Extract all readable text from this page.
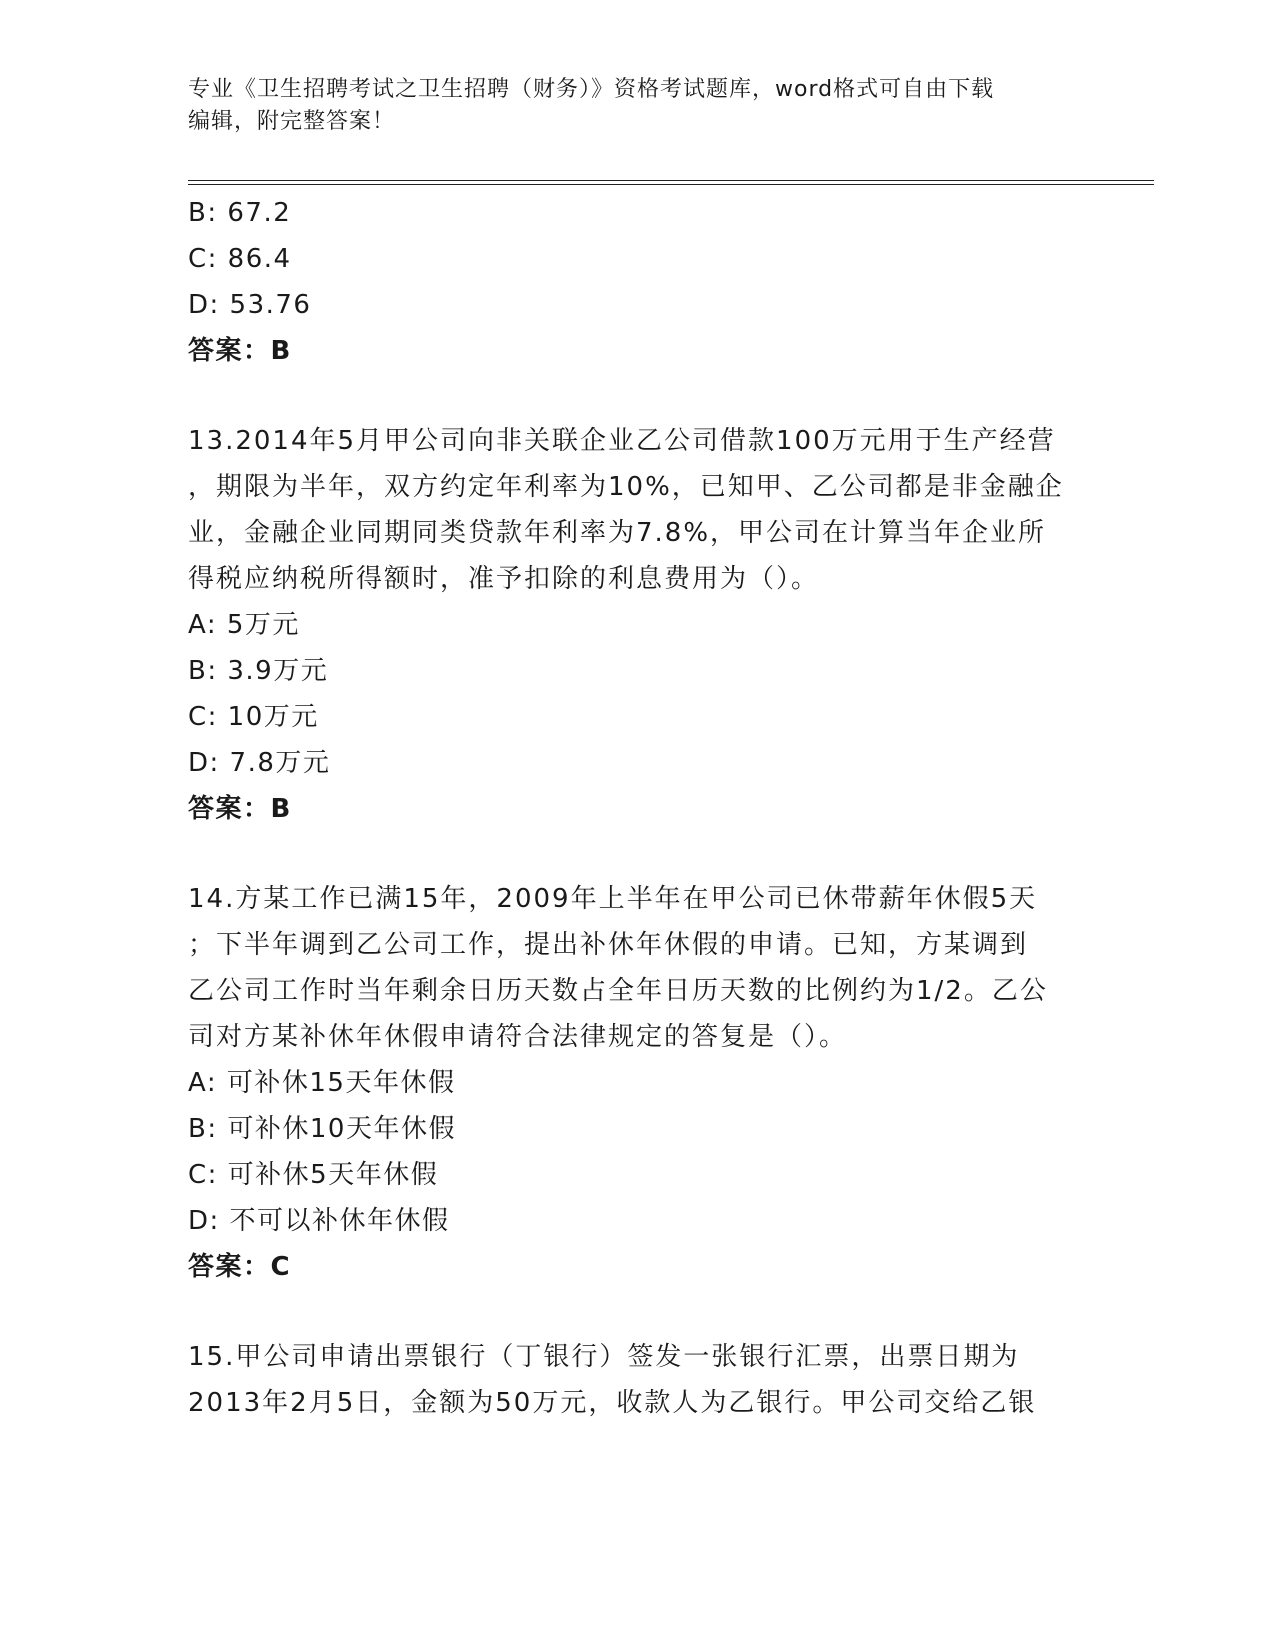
专业《卫生招聘考试之卫生招聘（财务）》资格考试题库，word格式可自由下载
编辑，附完整答案！
B: 67.2
C: 86.4
D: 53.76
答案：B
13.2014年5月甲公司向非关联企业乙公司借款100万元用于生产经营
，期限为半年，双方约定年利率为10%，已知甲、乙公司都是非金融企
业，金融企业同期同类贷款年利率为7.8%，甲公司在计算当年企业所
得税应纳税所得额时，准予扣除的利息费用为（）。
A: 5万元
B: 3.9万元
C: 10万元
D: 7.8万元
答案：B
14.方某工作已满15年，2009年上半年在甲公司已休带薪年休假5天
；下半年调到乙公司工作，提出补休年休假的申请。已知，方某调到
乙公司工作时当年剩余日历天数占全年日历天数的比例约为1/2。乙公
司对方某补休年休假申请符合法律规定的答复是（）。
A: 可补休15天年休假
B: 可补休10天年休假
C: 可补休5天年休假
D: 不可以补休年休假
答案：C
15.甲公司申请出票银行（丁银行）签发一张银行汇票，出票日期为
2013年2月5日，金额为50万元，收款人为乙银行。甲公司交给乙银
